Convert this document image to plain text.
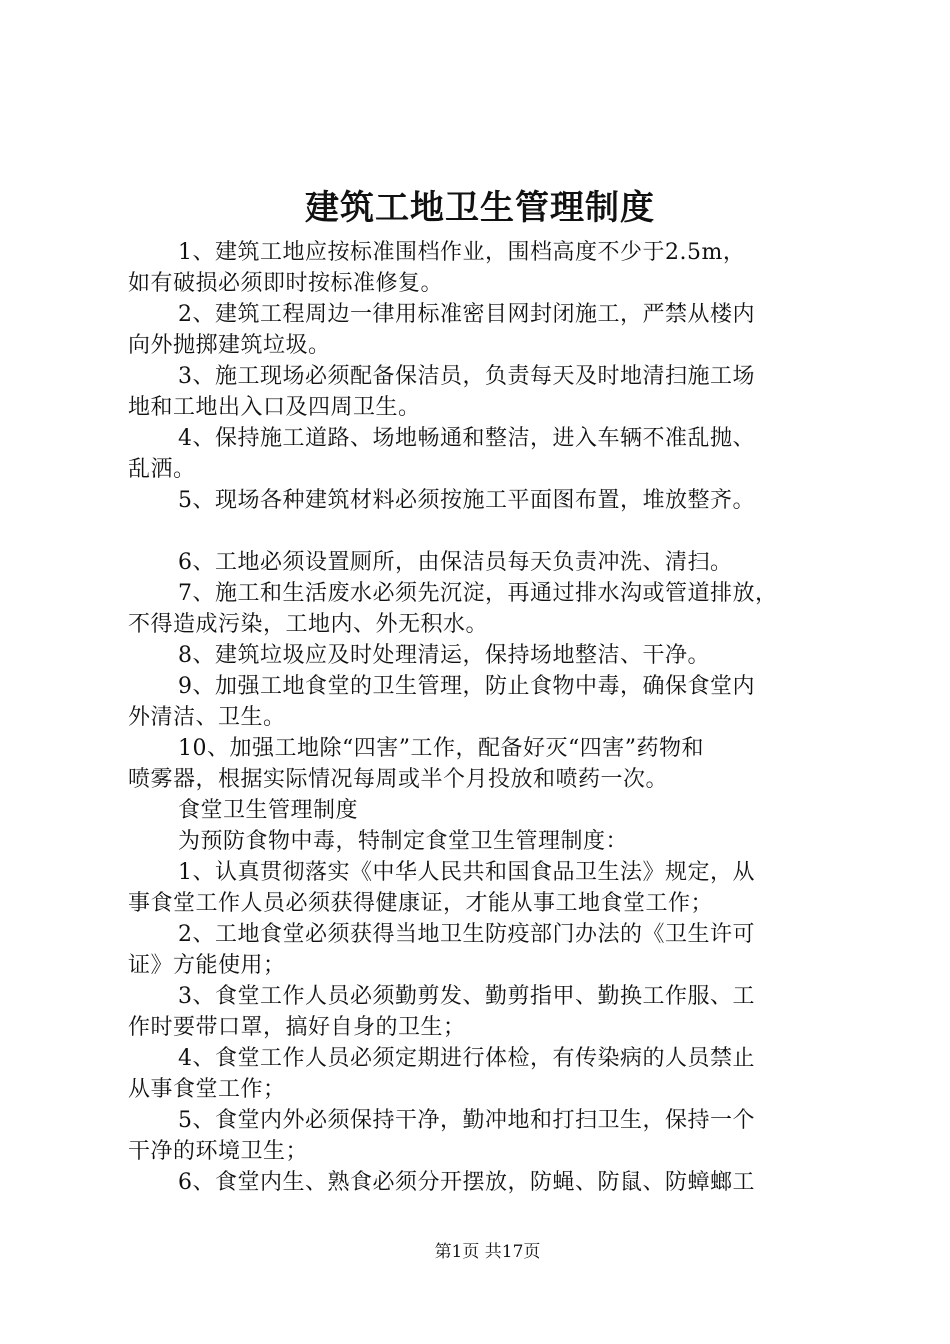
建筑工地卫生管理制度

1、建筑工地应按标准围档作业，围档高度不少于2.5m，
如有破损必须即时按标准修复。

2、建筑工程周边一律用标准密目网封闭施工，严禁从楼内
向外抛掷建筑垃圾。

3、施工现场必须配备保洁员，负责每天及时地清扫施工场
地和工地出入口及四周卫生。

4、保持施工道路、场地畅通和整洁，进入车辆不准乱抛、
乱洒。

5、现场各种建筑材料必须按施工平面图布置，堆放整齐。

6、工地必须设置厕所，由保洁员每天负责冲洗、清扫。

7、施工和生活废水必须先沉淀，再通过排水沟或管道排放，
不得造成污染，工地内、外无积水。

8、建筑垃圾应及时处理清运，保持场地整洁、干净。

9、加强工地食堂的卫生管理，防止食物中毒，确保食堂内
外清洁、卫生。

10、加强工地除“四害”工作，配备好灭“四害”药物和
喷雾器，根据实际情况每周或半个月投放和喷药一次。

食堂卫生管理制度

为预防食物中毒，特制定食堂卫生管理制度：

1、认真贯彻落实《中华人民共和国食品卫生法》规定，从
事食堂工作人员必须获得健康证，才能从事工地食堂工作；

2、工地食堂必须获得当地卫生防疫部门办法的《卫生许可
证》方能使用；

3、食堂工作人员必须勤剪发、勤剪指甲、勤换工作服、工
作时要带口罩，搞好自身的卫生；

4、食堂工作人员必须定期进行体检，有传染病的人员禁止
从事食堂工作；

5、食堂内外必须保持干净，勤冲地和打扫卫生，保持一个
干净的环境卫生；

6、食堂内生、熟食必须分开摆放，防蝇、防鼠、防蟑螂工

第1页 共17页
